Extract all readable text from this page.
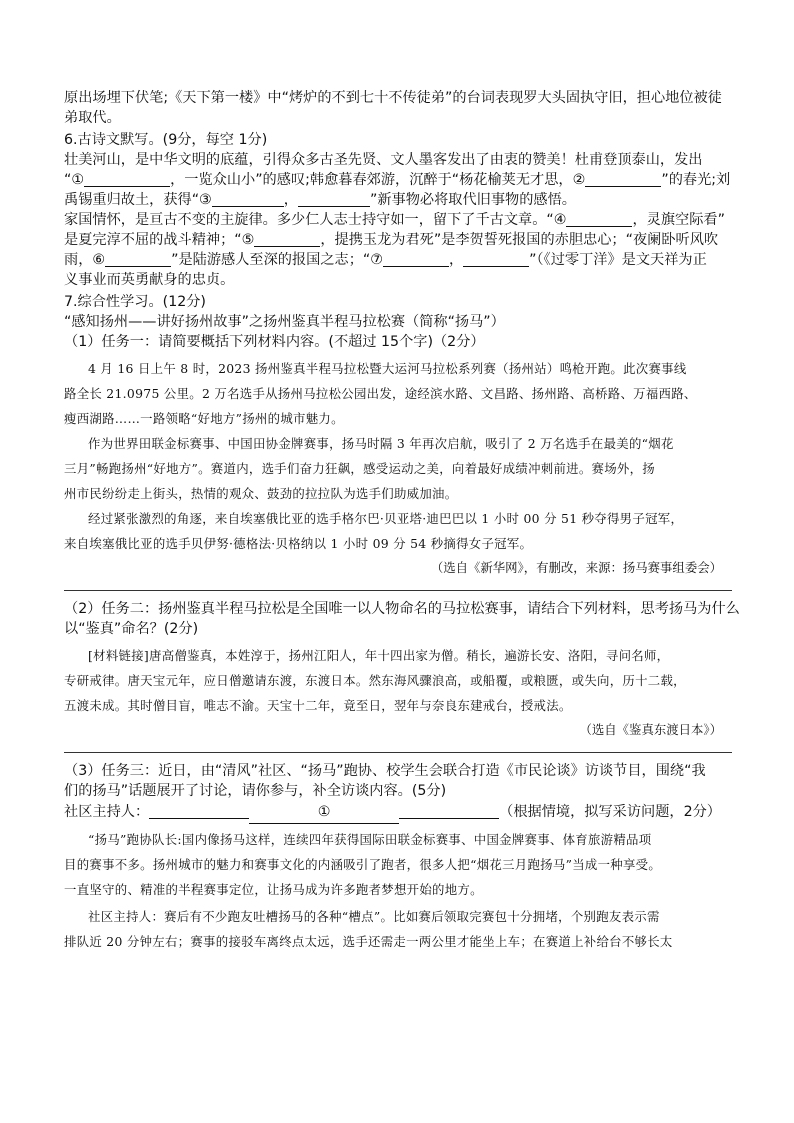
原出场埋下伏笔;《天下第一楼》中“烤炉的不到七十不传徒弟”的台词表现罗大头固执守旧，担心地位被徒

弟取代。

6.古诗文默写。(9分，每空 1分)

壮美河山，是中华文明的底蕴，引得众多古圣先贤、文人墨客发出了由衷的赞美！杜甫登顶泰山，发出

“①	，一览众山小”的感叹;韩愈暮春郊游，沉醉于“杨花榆荚无才思，②	”的春光;刘

禹锡重归故土，获得“③	，	”新事物必将取代旧事物的感悟。

家国情怀，是亘古不变的主旋律。多少仁人志士持守如一，留下了千古文章。“④	，灵旗空际看”

是夏完淳不屈的战斗精神；“⑤	，提携玉龙为君死”是李贺誓死报国的赤胆忠心；“夜阑卧听风吹

雨，⑥	”是陆游感人至深的报国之志；“⑦	，	”（《过零丁洋》是文天祥为正

义事业而英勇献身的忠贞。

7.综合性学习。(12分)

“感知扬州——讲好扬州故事”之扬州鉴真半程马拉松赛（简称“扬马”）

（1）任务一：请简要概括下列材料内容。(不超过 15个字)（2分）

4 月 16 日上午 8 时，2023 扬州鉴真半程马拉松暨大运河马拉松系列赛（扬州站）鸣枪开跑。此次赛事线

路全长 21.0975 公里。2 万名选手从扬州马拉松公园出发，途经滨水路、文昌路、扬州路、高桥路、万福西路、

瘦西湖路……一路领略“好地方”扬州的城市魅力。

作为世界田联金标赛事、中国田协金牌赛事，扬马时隔 3 年再次启航，吸引了 2 万名选手在最美的“烟花

三月”畅跑扬州“好地方”。赛道内，选手们奋力狂飙，感受运动之美，向着最好成绩冲刺前进。赛场外，扬

州市民纷纷走上街头，热情的观众、鼓劲的拉拉队为选手们助威加油。

经过紧张激烈的角逐，来自埃塞俄比亚的选手格尔巴·贝亚塔·迪巴巴以 1 小时 00 分 51 秒夺得男子冠军，

来自埃塞俄比亚的选手贝伊努·德格法·贝格纳以 1 小时 09 分 54 秒摘得女子冠军。

（选自《新华网》，有删改，来源：扬马赛事组委会）

（2）任务二：扬州鉴真半程马拉松是全国唯一以人物命名的马拉松赛事，请结合下列材料，思考扬马为什么

以“鉴真”命名？(2分)

[材料链接]唐高僧鉴真，本姓淳于，扬州江阳人，年十四出家为僧。稍长，遍游长安、洛阳，寻问名师，

专研戒律。唐天宝元年，应日僧邀请东渡，东渡日本。然东海风骤浪高，或船覆，或粮匮，或失向，历十二载，

五渡未成。其时僧目盲，唯志不渝。天宝十二年，竟至日，翌年与奈良东建戒台，授戒法。

（选自《鉴真东渡日本》）

（3）任务三：近日，由“清风”社区、“扬马”跑协、校学生会联合打造《市民论谈》访谈节目，围绕“我

们的扬马”话题展开了讨论，请你参与，补全访谈内容。(5分)

社区主持人：	①	（根据情境，拟写采访问题，2分）

“扬马”跑协队长:国内像扬马这样，连续四年获得国际田联金标赛事、中国金牌赛事、体育旅游精品项

目的赛事不多。扬州城市的魅力和赛事文化的内涵吸引了跑者，很多人把“烟花三月跑扬马”当成一种享受。

一直坚守的、精准的半程赛事定位，让扬马成为许多跑者梦想开始的地方。

社区主持人：赛后有不少跑友吐槽扬马的各种“槽点”。比如赛后领取完赛包十分拥堵，个别跑友表示需

排队近 20 分钟左右；赛事的接驳车离终点太远，选手还需走一两公里才能坐上车；在赛道上补给台不够长太
